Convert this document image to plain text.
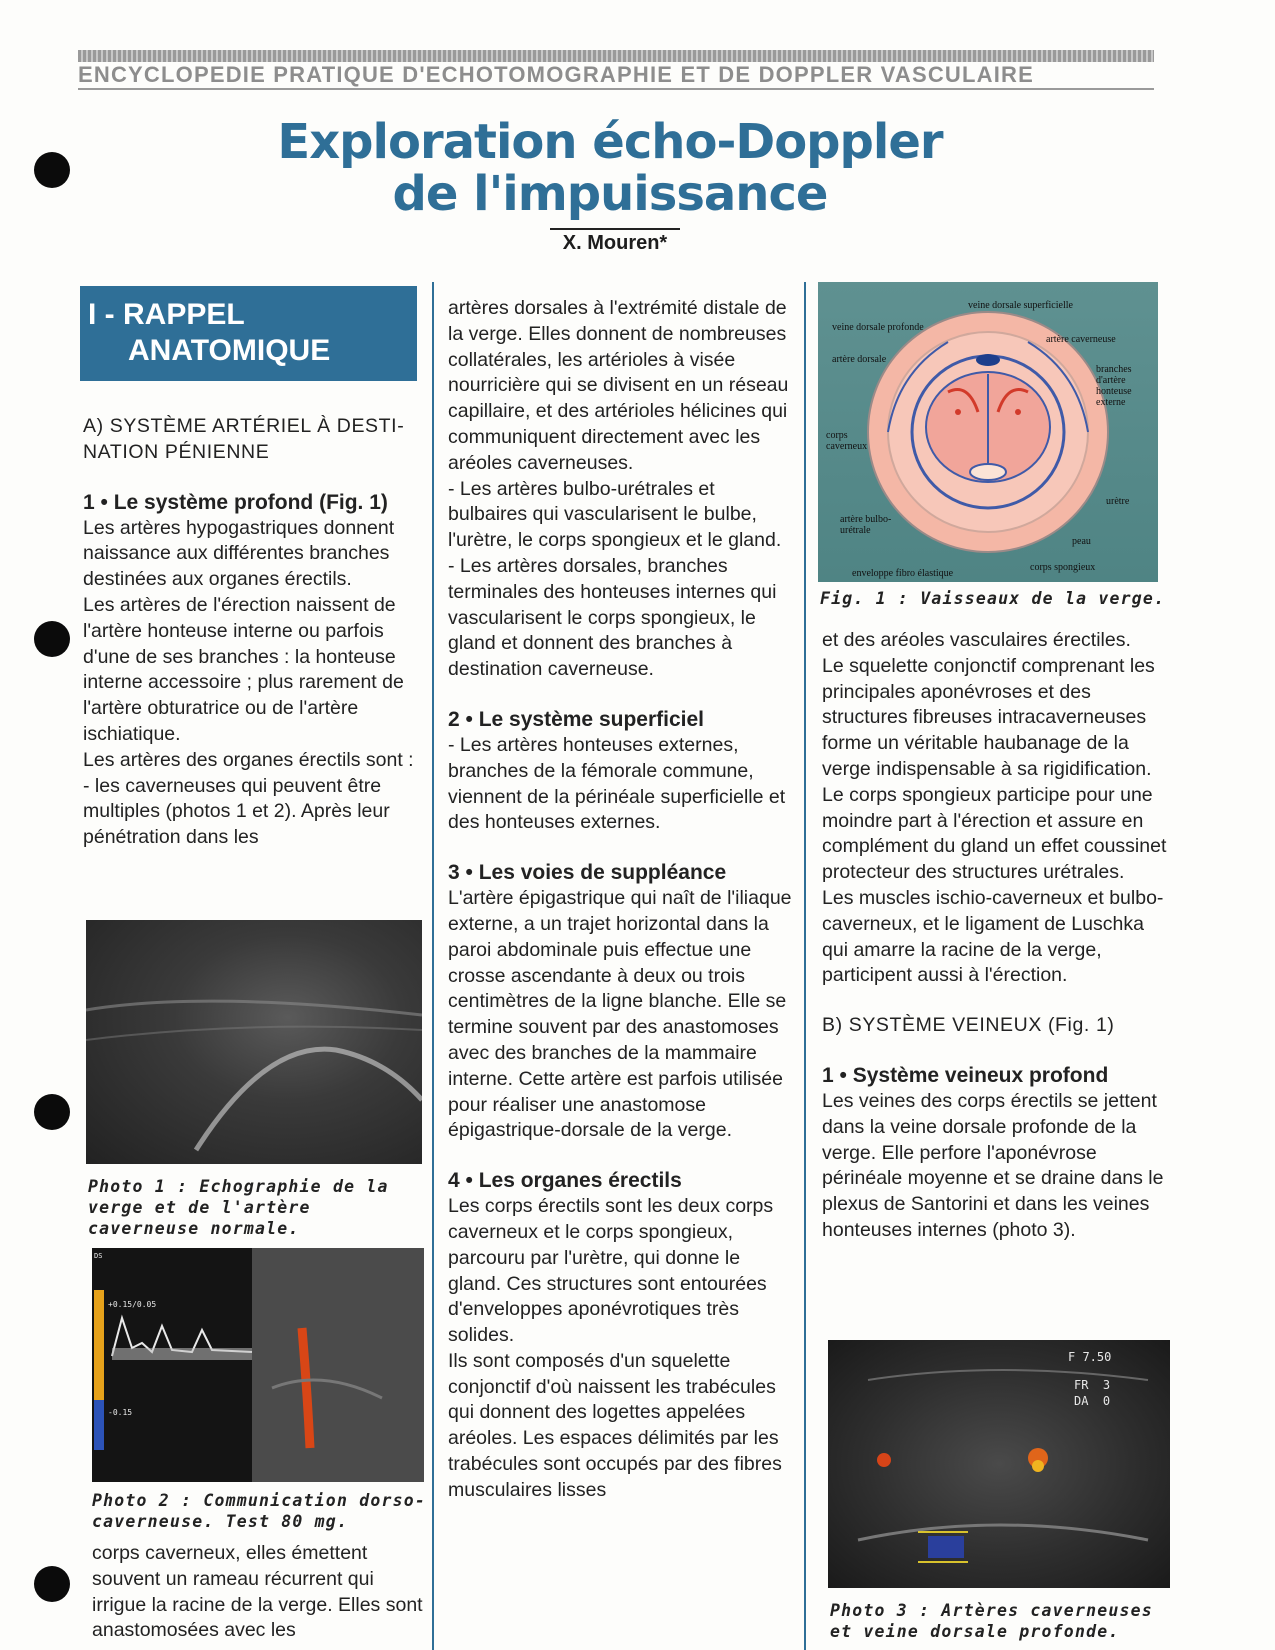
ENCYCLOPEDIE PRATIQUE D'ECHOTOMOGRAPHIE ET DE DOPPLER VASCULAIRE
Exploration écho-Doppler
de l'impuissance
X. Mouren*
I - RAPPEL
ANATOMIQUE

A) SYSTÈME ARTÉRIEL À DESTI-NATION PÉNIENNE

1 • Le système profond (Fig. 1)

Les artères hypogastriques donnent naissance aux différentes branches destinées aux organes érectils.

Les artères de l'érection naissent de l'artère honteuse interne ou parfois d'une de ses branches : la honteuse interne accessoire ; plus rarement de l'artère obturatrice ou de l'artère ischiatique.

Les artères des organes érectils sont :

- les caverneuses qui peuvent être multiples (photos 1 et 2). Après leur pénétration dans les

Photo 1 : Echographie de la verge et de l'artère caverneuse normale.
+0.15/0.05
-0.15
DS
Photo 2 : Communication dorso-caverneuse. Test 80 mg.

corps caverneux, elles émettent souvent un rameau récurrent qui irrigue la racine de la verge. Elles sont anastomosées avec les

artères dorsales à l'extrémité distale de la verge. Elles donnent de nombreuses collatérales, les artérioles à visée nourricière qui se divisent en un réseau capillaire, et des artérioles hélicines qui communiquent directement avec les aréoles caverneuses.

- Les artères bulbo-urétrales et bulbaires qui vascularisent le bulbe, l'urètre, le corps spongieux et le gland.

- Les artères dorsales, branches terminales des honteuses internes qui vascularisent le corps spongieux, le gland et donnent des branches à destination caverneuse.

2 • Le système superficiel

- Les artères honteuses externes, branches de la fémorale commune, viennent de la périnéale superficielle et des honteuses externes.

3 • Les voies de suppléance

L'artère épigastrique qui naît de l'iliaque externe, a un trajet horizontal dans la paroi abdominale puis effectue une crosse ascendante à deux ou trois centimètres de la ligne blanche. Elle se termine souvent par des anastomoses avec des branches de la mammaire interne. Cette artère est parfois utilisée pour réaliser une anastomose épigastrique-dorsale de la verge.

4 • Les organes érectils

Les corps érectils sont les deux corps caverneux et le corps spongieux, parcouru par l'urètre, qui donne le gland. Ces structures sont entourées d'enveloppes aponévrotiques très solides.

Ils sont composés d'un squelette conjonctif d'où naissent les trabécules qui donnent des logettes appelées aréoles. Les espaces délimités par les trabécules sont occupés par des fibres musculaires lisses

veine dorsale superficielle
veine dorsale profonde
artère caverneuse
artère dorsale
branches d'artère honteuse externe
corps caverneux
urètre
artère bulbo-urétrale
peau
enveloppe fibro élastique
corps spongieux
Fig. 1 : Vaisseaux de la verge.

et des aréoles vasculaires érectiles.

Le squelette conjonctif comprenant les principales aponévroses et des structures fibreuses intracaverneuses forme un véritable haubanage de la verge indispensable à sa rigidification.

Le corps spongieux participe pour une moindre part à l'érection et assure en complément du gland un effet coussinet protecteur des structures urétrales.

Les muscles ischio-caverneux et bulbo-caverneux, et le ligament de Luschka qui amarre la racine de la verge, participent aussi à l'érection.

B) SYSTÈME VEINEUX (Fig. 1)

1 • Système veineux profond

Les veines des corps érectils se jettent dans la veine dorsale profonde de la verge. Elle perfore l'aponévrose périnéale moyenne et se draine dans le plexus de Santorini et dans les veines honteuses internes (photo 3).

F 7.50
FR  3
DA  0
Photo 3 : Artères caverneuses et veine dorsale profonde.
